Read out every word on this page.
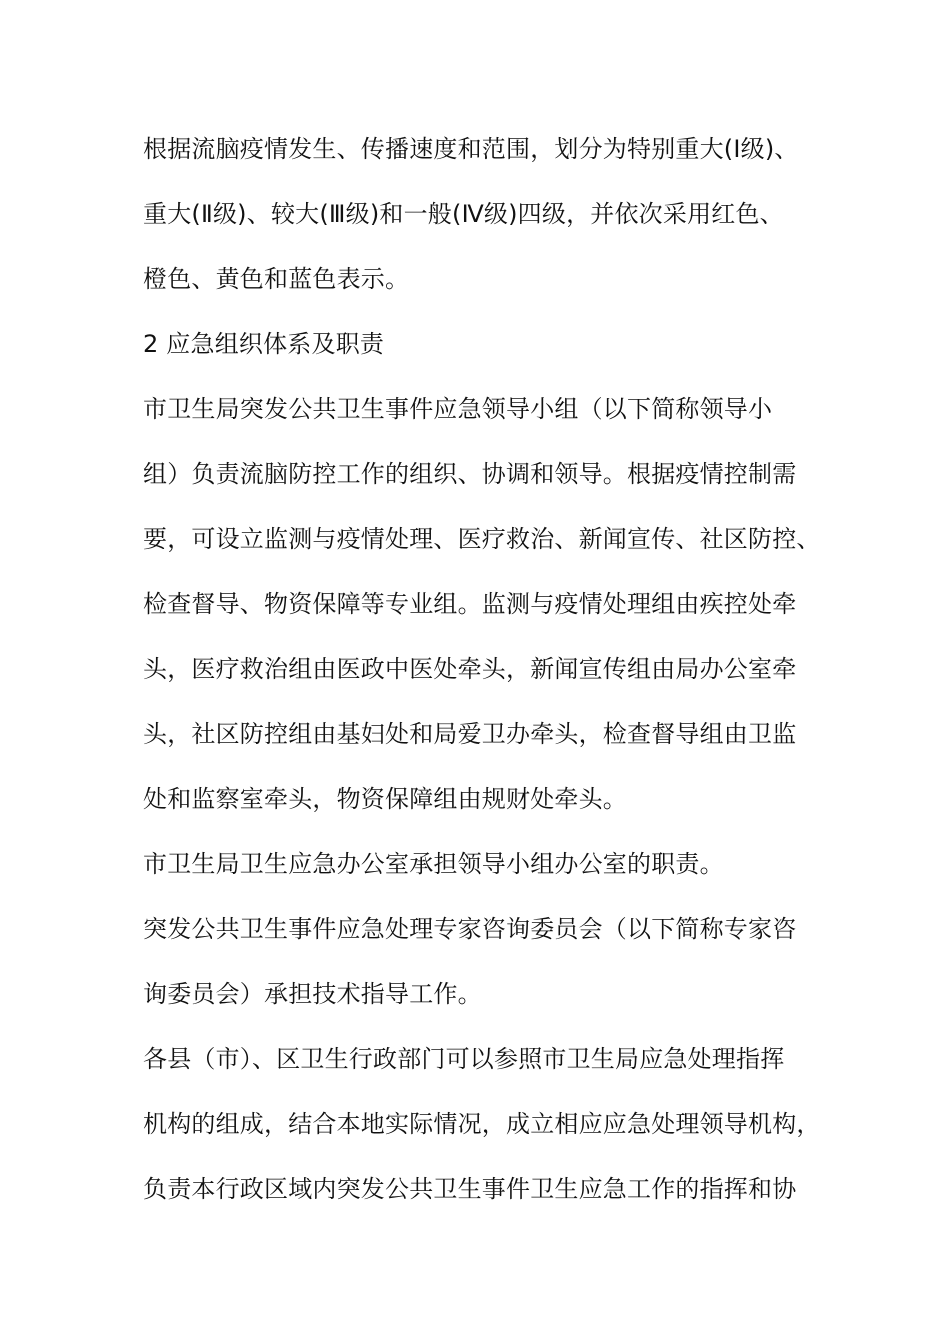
根据流脑疫情发生、传播速度和范围，划分为特别重大(Ⅰ级)、
重大(Ⅱ级)、较大(Ⅲ级)和一般(Ⅳ级)四级，并依次采用红色、
橙色、黄色和蓝色表示。
2 应急组织体系及职责
市卫生局突发公共卫生事件应急领导小组（以下简称领导小
组）负责流脑防控工作的组织、协调和领导。根据疫情控制需
要，可设立监测与疫情处理、医疗救治、新闻宣传、社区防控、
检查督导、物资保障等专业组。监测与疫情处理组由疾控处牵
头，医疗救治组由医政中医处牵头，新闻宣传组由局办公室牵
头，社区防控组由基妇处和局爱卫办牵头，检查督导组由卫监
处和监察室牵头，物资保障组由规财处牵头。
市卫生局卫生应急办公室承担领导小组办公室的职责。
突发公共卫生事件应急处理专家咨询委员会（以下简称专家咨
询委员会）承担技术指导工作。
各县（市）、区卫生行政部门可以参照市卫生局应急处理指挥
机构的组成，结合本地实际情况，成立相应应急处理领导机构，
负责本行政区域内突发公共卫生事件卫生应急工作的指挥和协
